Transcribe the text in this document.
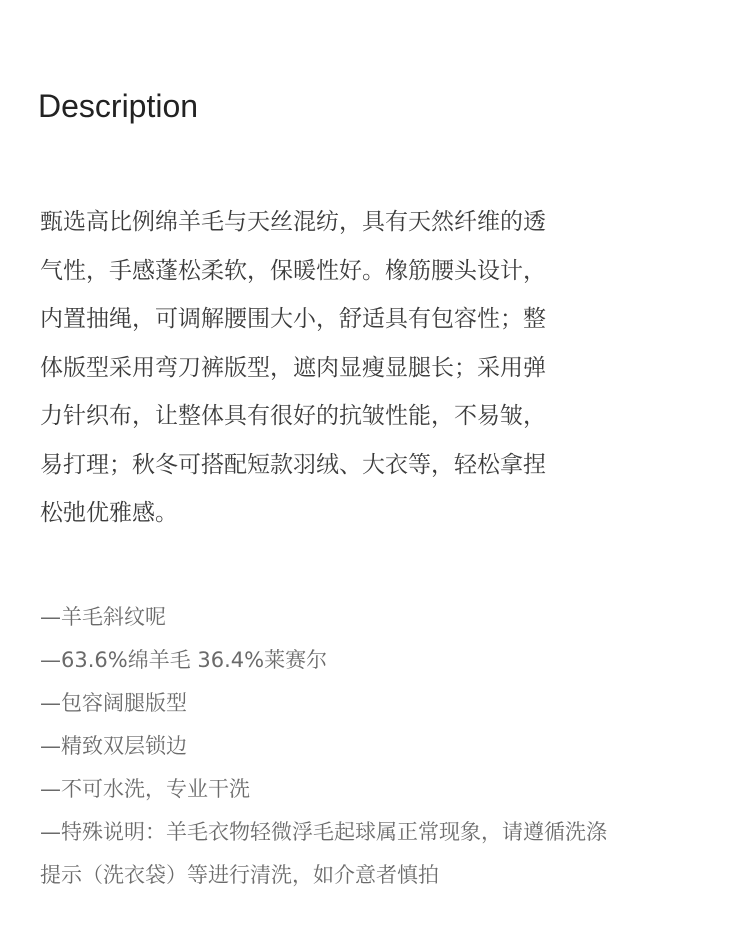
Description

甄选高比例绵羊毛与天丝混纺，具有天然纤维的透
气性，手感蓬松柔软，保暖性好。橡筋腰头设计，
内置抽绳，可调解腰围大小，舒适具有包容性；整
体版型采用弯刀裤版型，遮肉显瘦显腿长；采用弹
力针织布，让整体具有很好的抗皱性能，不易皱，
易打理；秋冬可搭配短款羽绒、大衣等，轻松拿捏
松弛优雅感。

—羊毛斜纹呢
—63.6%绵羊毛 36.4%莱赛尔
—包容阔腿版型
—精致双层锁边
—不可水洗，专业干洗
—特殊说明：羊毛衣物轻微浮毛起球属正常现象，请遵循洗涤
提示（洗衣袋）等进行清洗，如介意者慎拍
